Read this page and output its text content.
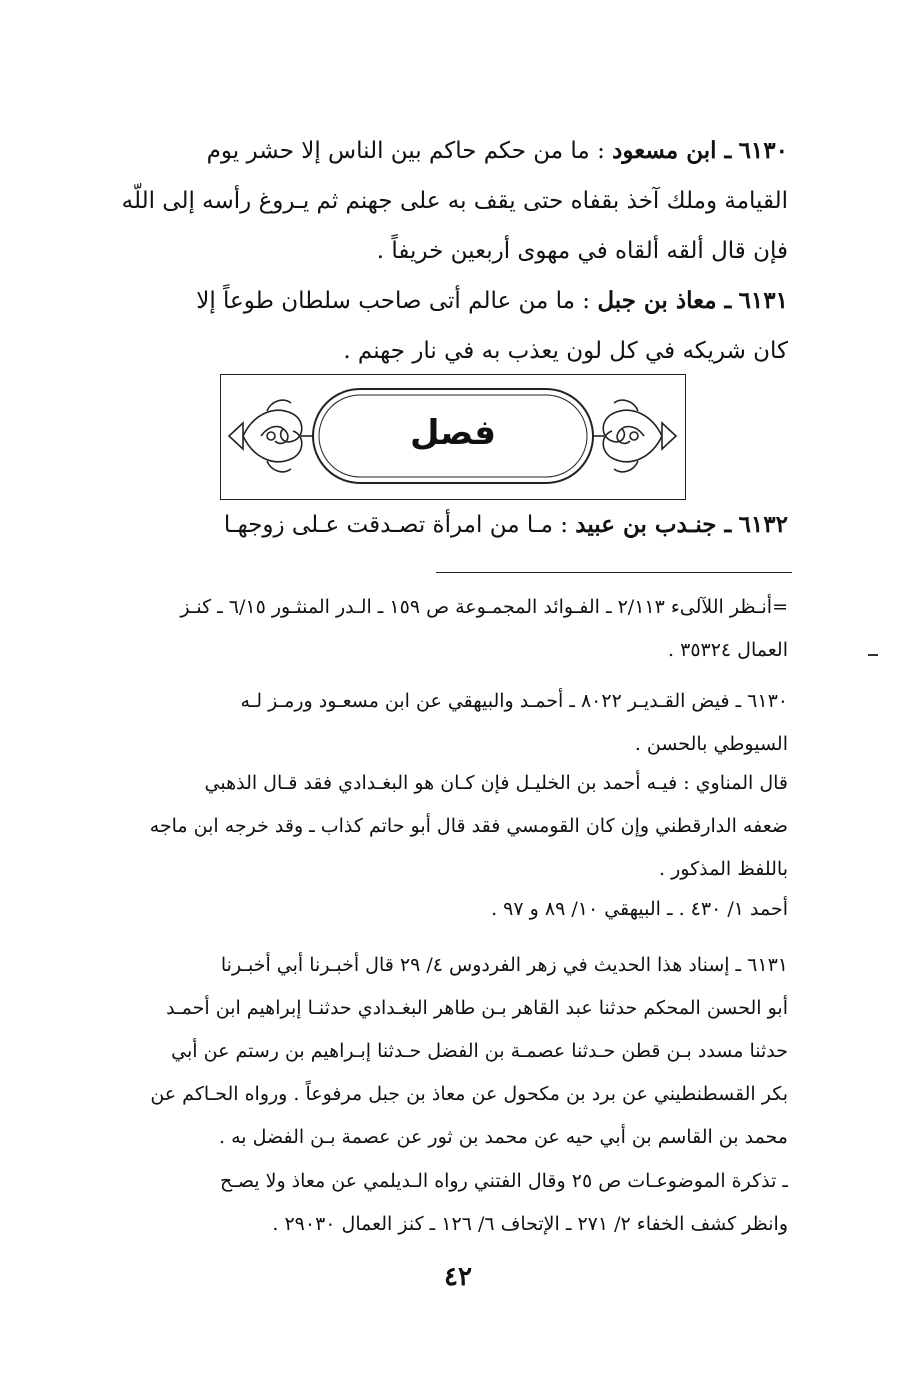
٦١٣٠ ـ ابن مسعود : ما من حكم حاكم بين الناس إلا حشر يوم
القيامة وملك آخذ بقفاه حتى يقف به على جهنم ثم يـروغ رأسه إلى اللّه
فإن قال ألقه ألقاه في مهوى أربعين خريفاً .
٦١٣١ ـ معاذ بن جبل : ما من عالم أتى صاحب سلطان طوعاً إلا
كان شريكه في كل لون يعذب به في نار جهنم .
فصل
٦١٣٢ ـ جنـدب بن عبيد : مـا من امرأة تصـدقت عـلى زوجهـا
=أنـظر اللآلىء ٢/١١٣ ـ الفـوائد المجمـوعة ص ١٥٩ ـ الـدر المنثـور ٦/١٥ ـ كنـز
العمال ٣٥٣٢٤ .
٦١٣٠ ـ فيض القـديـر ٨٠٢٢ ـ أحمـد والبيهقي عن ابن مسعـود ورمـز لـه
السيوطي بالحسن .
قال المناوي : فيـه أحمد بن الخليـل فإن كـان هو البغـدادي فقد قـال الذهبي
ضعفه الدارقطني وإن كان القومسي فقد قال أبو حاتم كذاب ـ وقد خرجه ابن ماجه
باللفظ المذكور .
أحمد ١/ ٤٣٠ . ـ البيهقي ١٠/ ٨٩ و ٩٧ .
٦١٣١ ـ إسناد هذا الحديث في زهر الفردوس ٤/ ٢٩ قال أخبـرنا أبي أخبـرنا
أبو الحسن المحكم حدثنا عبد القاهر بـن طاهر البغـدادي حدثنـا إبراهيم ابن أحمـد
حدثنا مسدد بـن قطن حـدثنا عصمـة بن الفضل حـدثنا إبـراهيم بن رستم عن أبي
بكر القسطنطيني عن برد بن مكحول عن معاذ بن جبل مرفوعاً . ورواه الحـاكم عن
محمد بن القاسم بن أبي حيه عن محمد بن ثور عن عصمة بـن الفضل به .
ـ تذكرة الموضوعـات ص ٢٥ وقال الفتني رواه الـديلمي عن معاذ ولا يصـح
وانظر كشف الخفاء ٢/ ٢٧١ ـ الإتحاف ٦/ ١٢٦ ـ كنز العمال ٢٩٠٣٠ .
٤٢
